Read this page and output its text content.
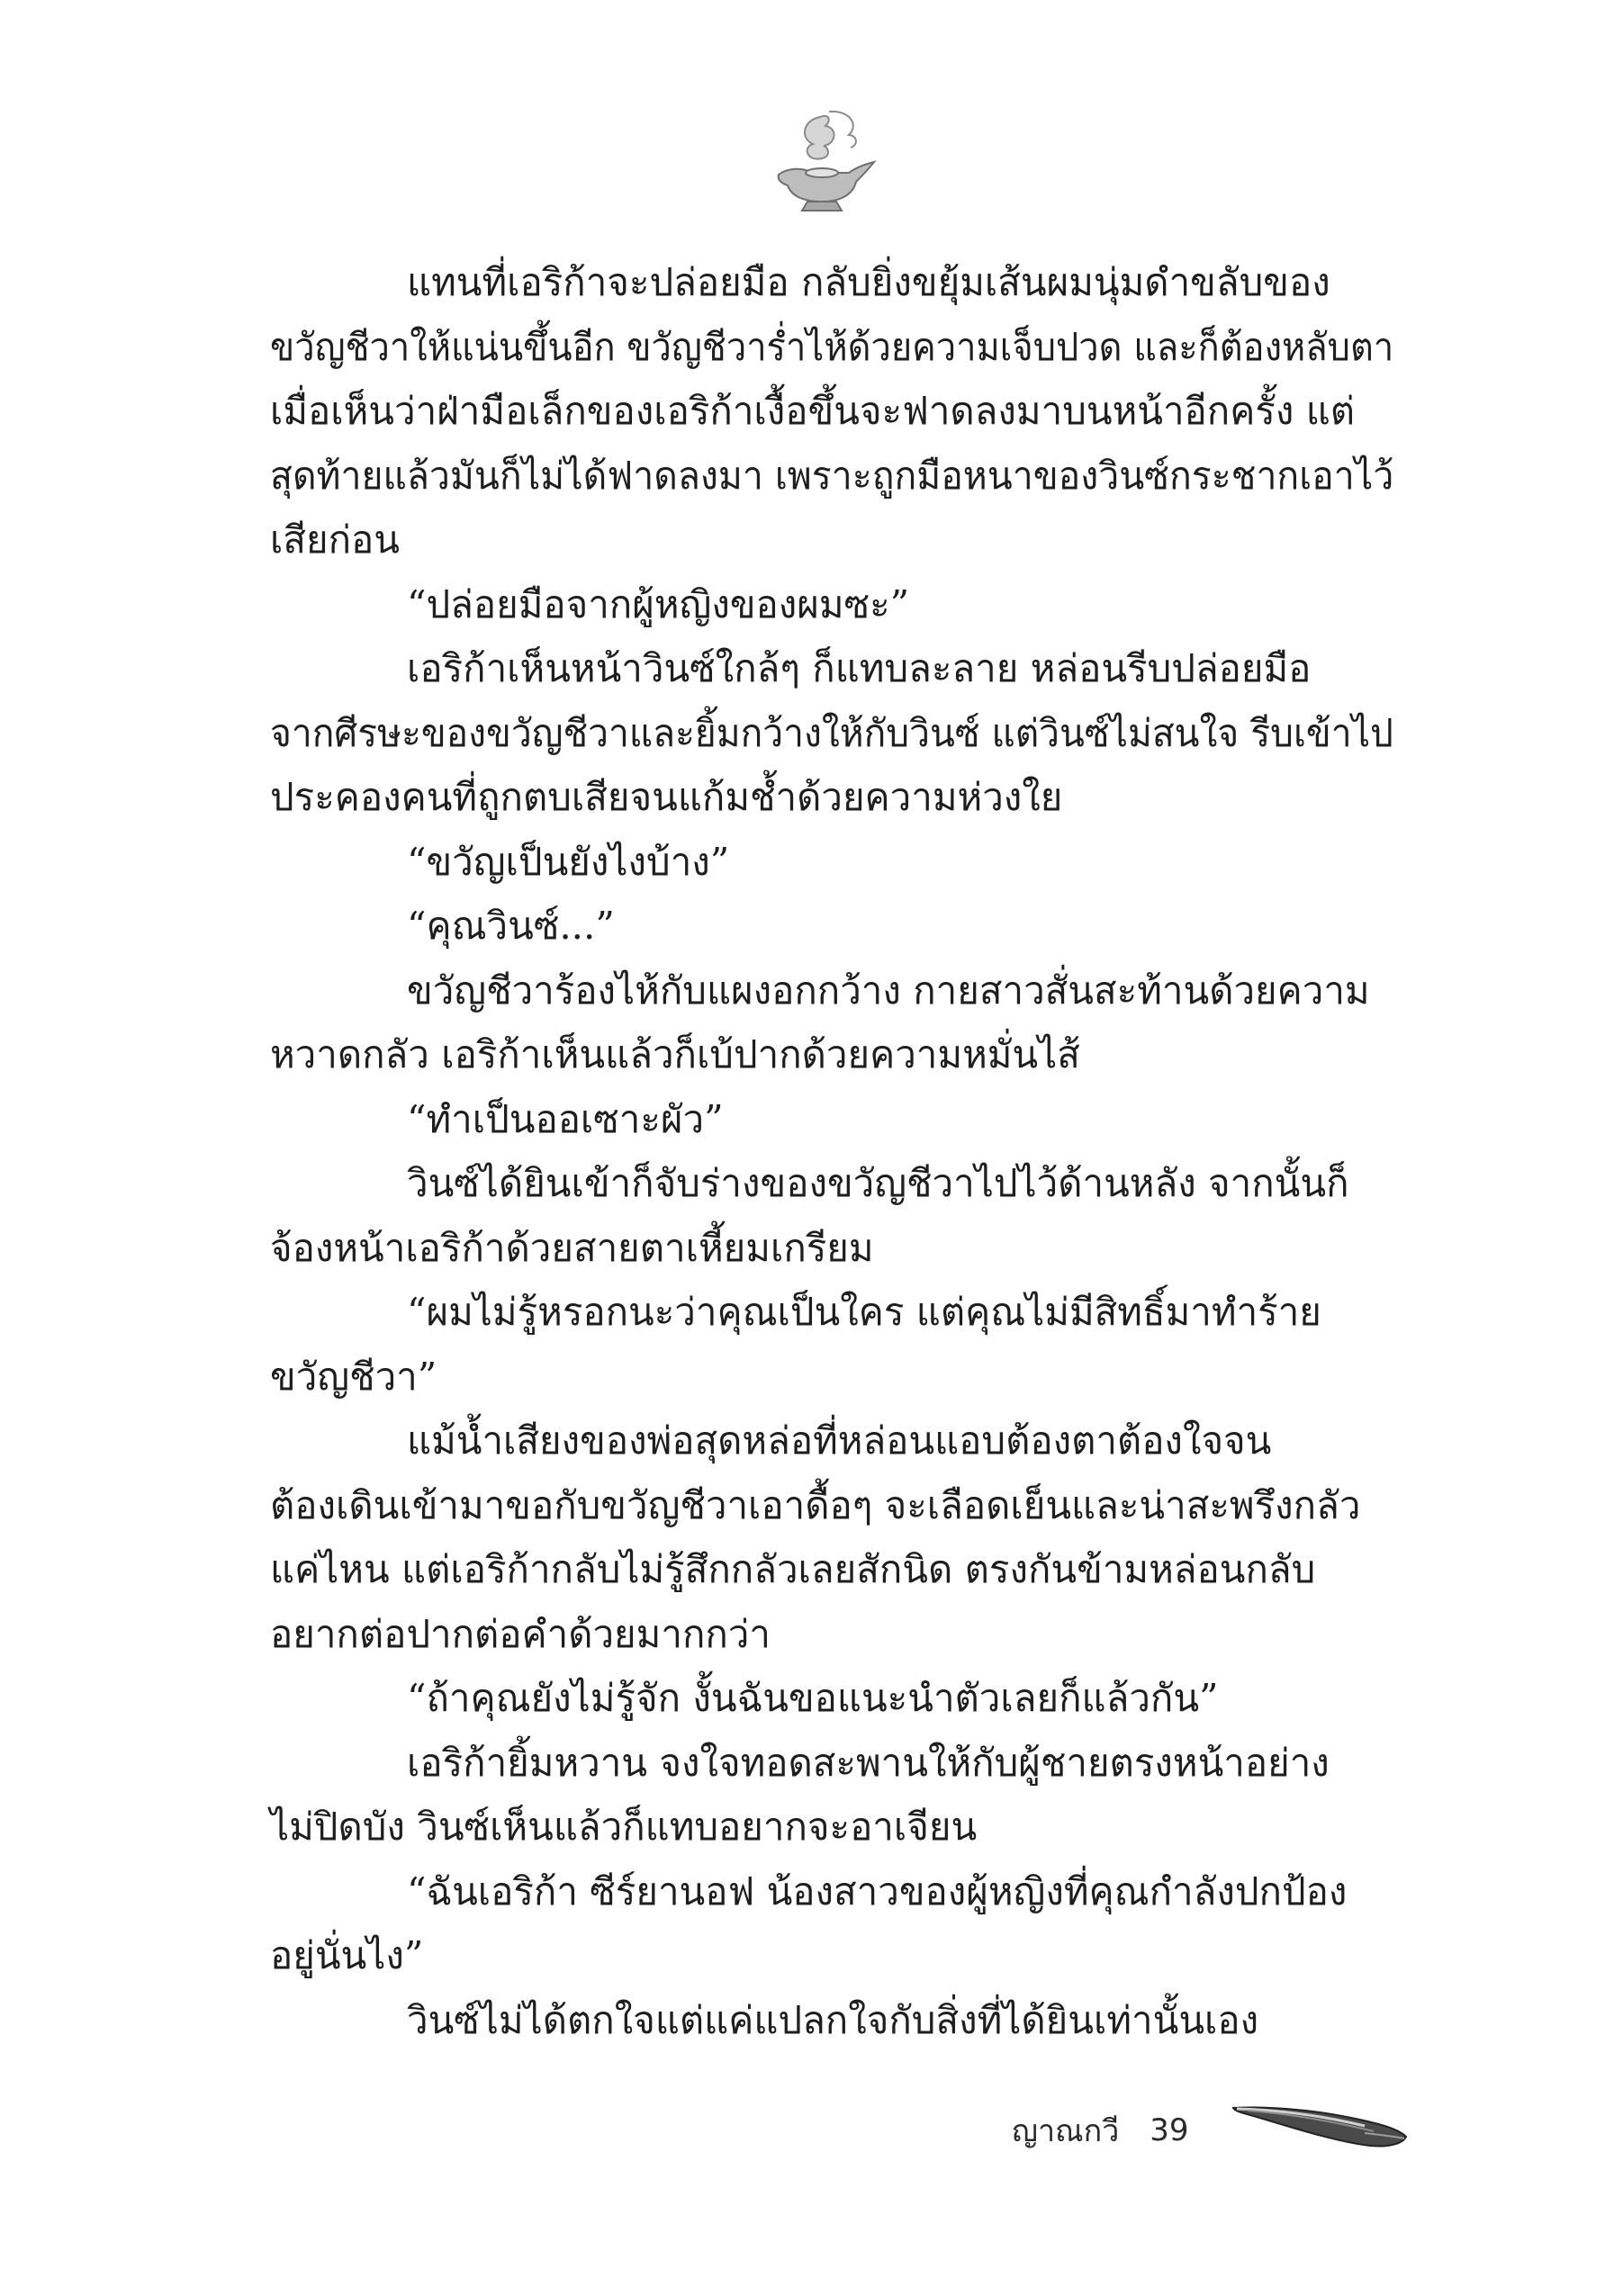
แทนที่เอริก้าจะปล่อยมือ กลับยิ่งขยุ้มเส้นผมนุ่มดำขลับของ
ขวัญชีวาให้แน่นขึ้นอีก ขวัญชีวาร่ำไห้ด้วยความเจ็บปวด และก็ต้องหลับตา
เมื่อเห็นว่าฝ่ามือเล็กของเอริก้าเงื้อขึ้นจะฟาดลงมาบนหน้าอีกครั้ง แต่
สุดท้ายแล้วมันก็ไม่ได้ฟาดลงมา เพราะถูกมือหนาของวินซ์กระชากเอาไว้
เสียก่อน
“ปล่อยมือจากผู้หญิงของผมซะ”
เอริก้าเห็นหน้าวินซ์ใกล้ๆ ก็แทบละลาย หล่อนรีบปล่อยมือ
จากศีรษะของขวัญชีวาและยิ้มกว้างให้กับวินซ์ แต่วินซ์ไม่สนใจ รีบเข้าไป
ประคองคนที่ถูกตบเสียจนแก้มช้ำด้วยความห่วงใย
“ขวัญเป็นยังไงบ้าง”
“คุณวินซ์...”
ขวัญชีวาร้องไห้กับแผงอกกว้าง กายสาวสั่นสะท้านด้วยความ
หวาดกลัว เอริก้าเห็นแล้วก็เบ้ปากด้วยความหมั่นไส้
“ทำเป็นออเซาะผัว”
วินซ์ได้ยินเข้าก็จับร่างของขวัญชีวาไปไว้ด้านหลัง จากนั้นก็
จ้องหน้าเอริก้าด้วยสายตาเหี้ยมเกรียม
“ผมไม่รู้หรอกนะว่าคุณเป็นใคร แต่คุณไม่มีสิทธิ์มาทำร้าย
ขวัญชีวา”
แม้น้ำเสียงของพ่อสุดหล่อที่หล่อนแอบต้องตาต้องใจจน
ต้องเดินเข้ามาขอกับขวัญชีวาเอาดื้อๆ จะเลือดเย็นและน่าสะพรึงกลัว
แค่ไหน แต่เอริก้ากลับไม่รู้สึกกลัวเลยสักนิด ตรงกันข้ามหล่อนกลับ
อยากต่อปากต่อคำด้วยมากกว่า
“ถ้าคุณยังไม่รู้จัก งั้นฉันขอแนะนำตัวเลยก็แล้วกัน”
เอริก้ายิ้มหวาน จงใจทอดสะพานให้กับผู้ชายตรงหน้าอย่าง
ไม่ปิดบัง วินซ์เห็นแล้วก็แทบอยากจะอาเจียน
“ฉันเอริก้า ซีร์ยานอฟ น้องสาวของผู้หญิงที่คุณกำลังปกป้อง
อยู่นั่นไง”
วินซ์ไม่ได้ตกใจแต่แค่แปลกใจกับสิ่งที่ได้ยินเท่านั้นเอง
ญาณกวี 39
